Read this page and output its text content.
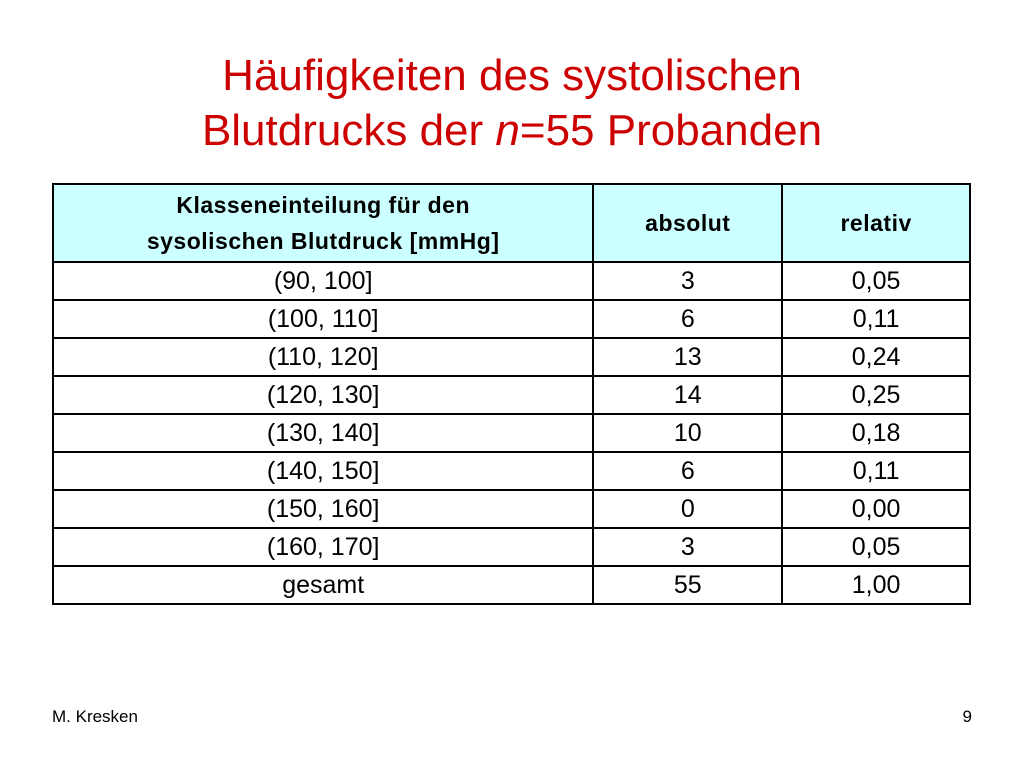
Häufigkeiten des systolischen
Blutdrucks der n=55 Probanden
Klasseneinteilung für den
sysolischen Blutdruck [mmHg]	absolut	relativ
(90, 100]	3	0,05
(100, 110]	6	0,11
(110, 120]	13	0,24
(120, 130]	14	0,25
(130, 140]	10	0,18
(140, 150]	6	0,11
(150, 160]	0	0,00
(160, 170]	3	0,05
gesamt	55	1,00
M. Kresken	9
